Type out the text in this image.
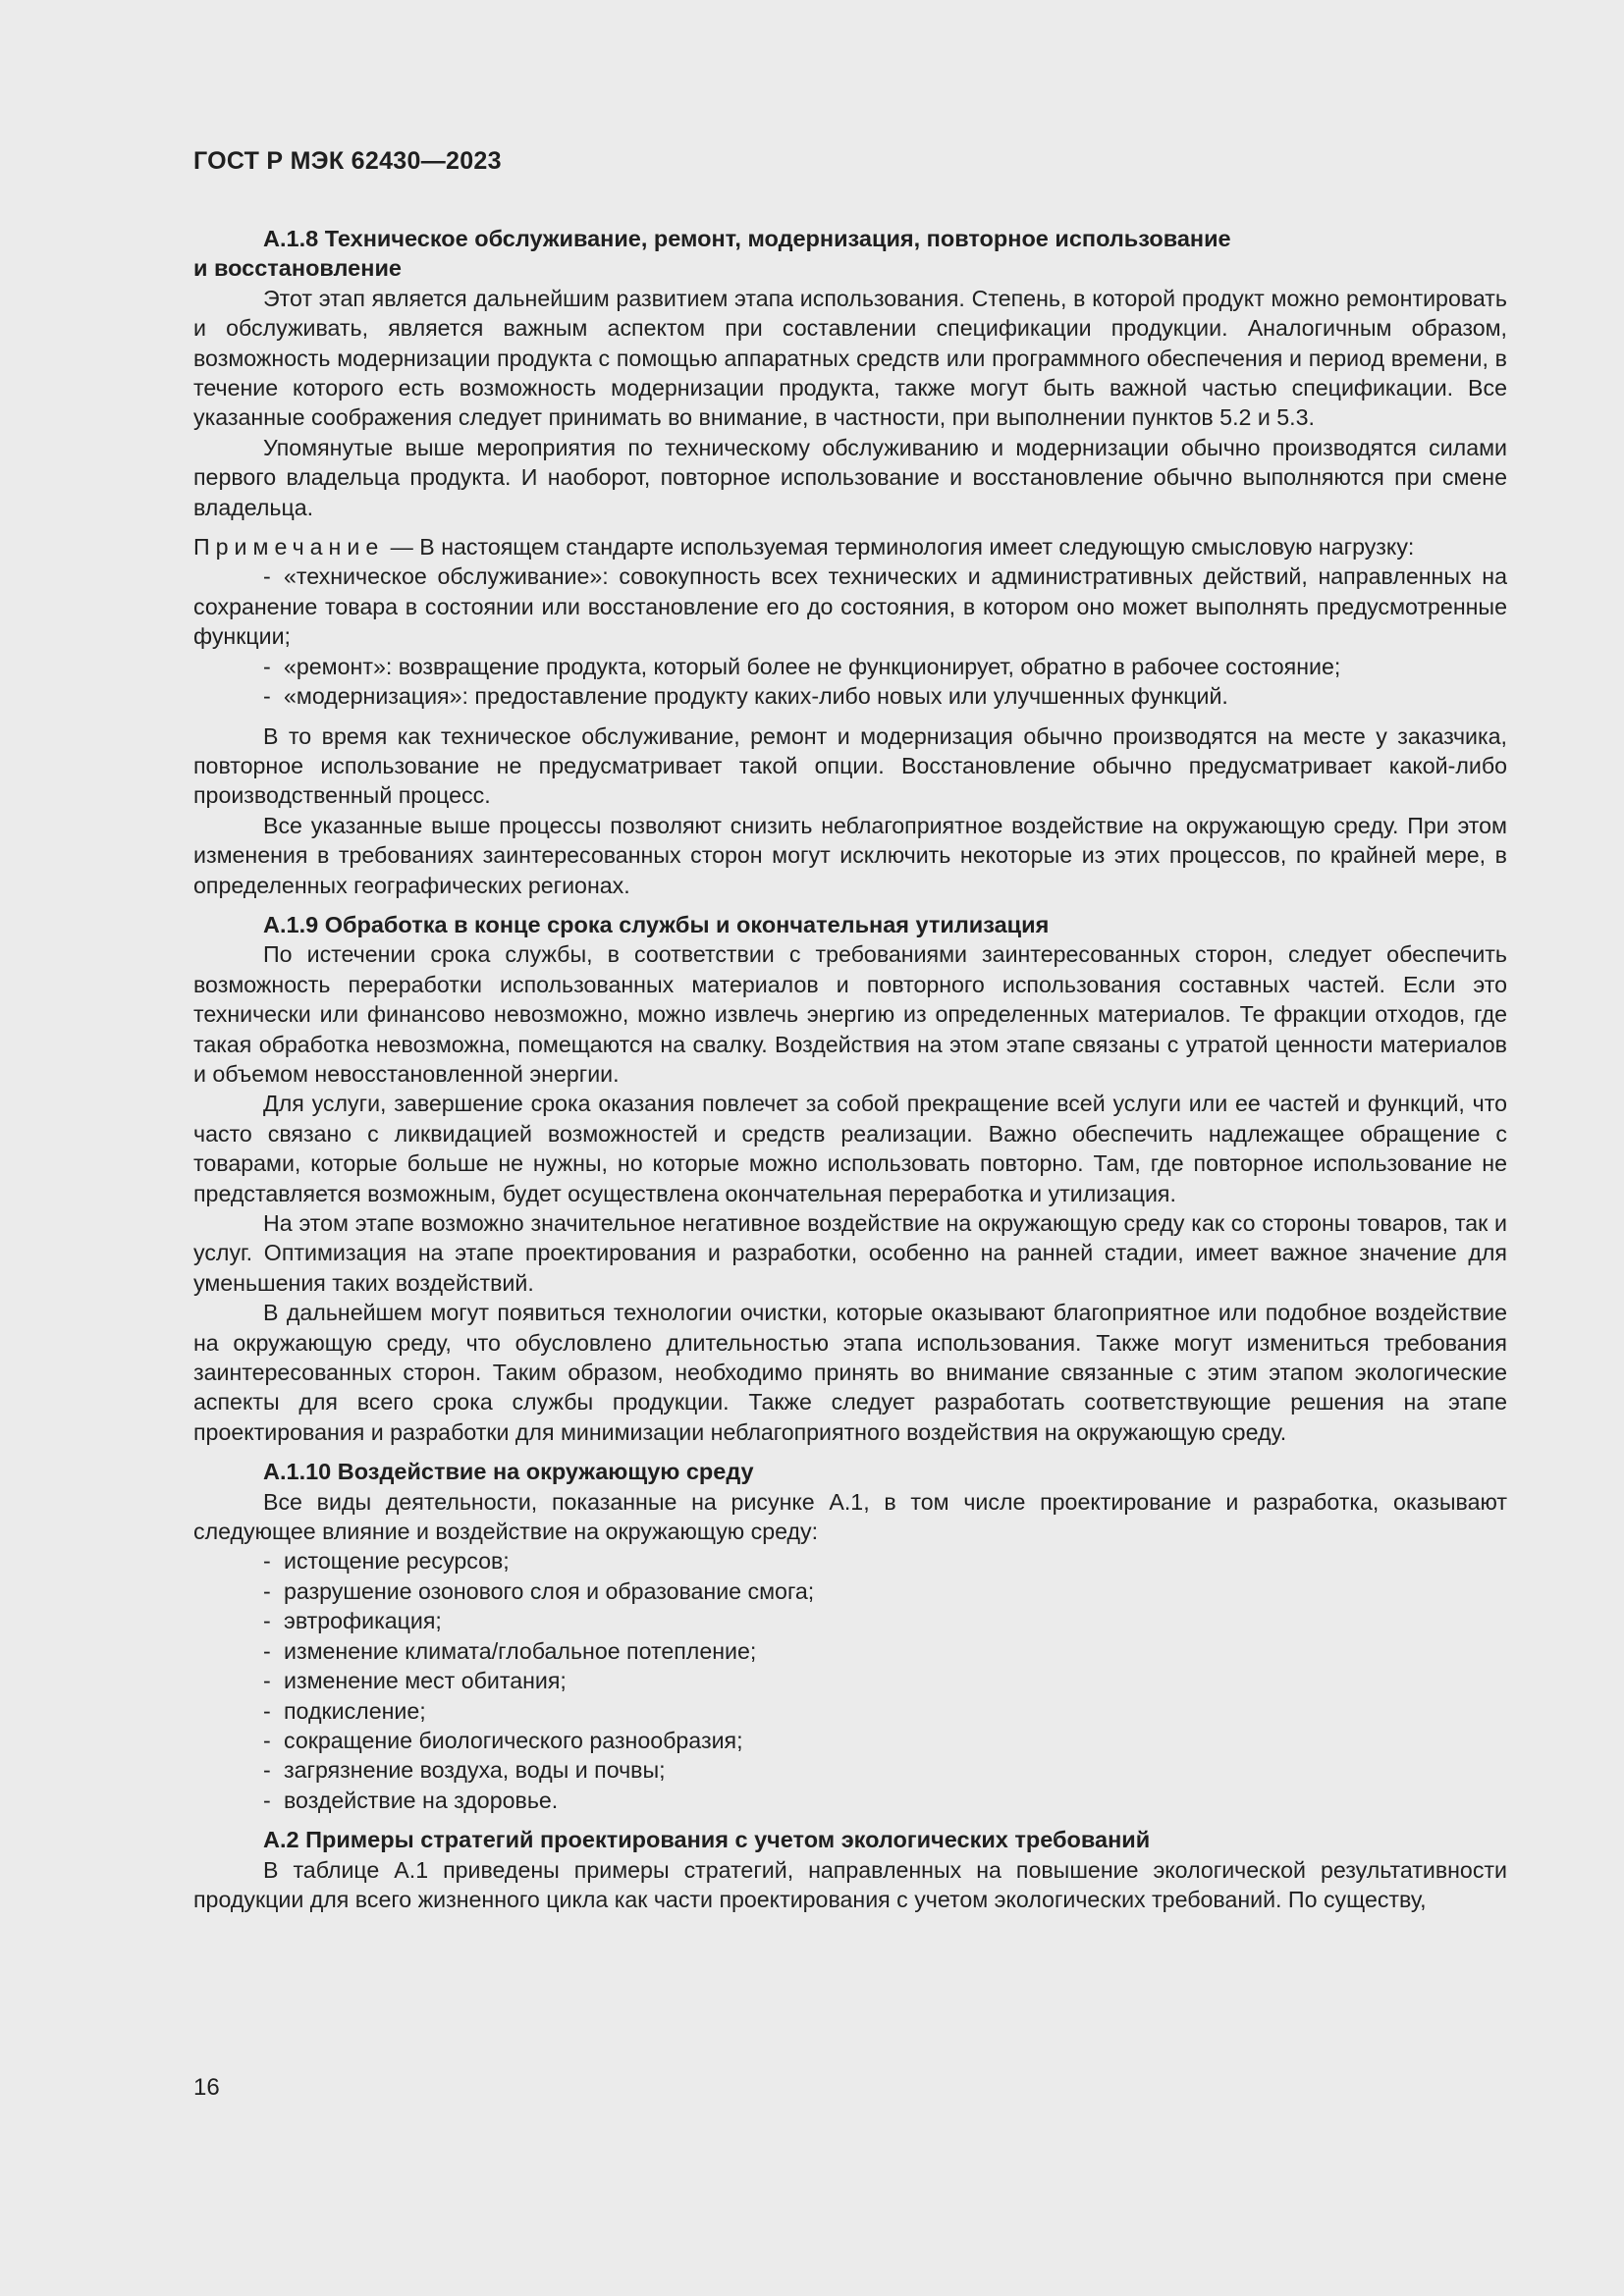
ГОСТ Р МЭК 62430—2023
А.1.8 Техническое обслуживание, ремонт, модернизация, повторное использование
и восстановление

Этот этап является дальнейшим развитием этапа использования. Степень, в которой продукт можно ремонтировать и обслуживать, является важным аспектом при составлении спецификации продукции. Аналогичным образом, возможность модернизации продукта с помощью аппаратных средств или программного обеспечения и период времени, в течение которого есть возможность модернизации продукта, также могут быть важной частью спецификации. Все указанные соображения следует принимать во внимание, в частности, при выполнении пунктов 5.2 и 5.3.

Упомянутые выше мероприятия по техническому обслуживанию и модернизации обычно производятся силами первого владельца продукта. И наоборот, повторное использование и восстановление обычно выполняются при смене владельца.

Примечание — В настоящем стандарте используемая терминология имеет следующую смысловую нагрузку:

- «техническое обслуживание»: совокупность всех технических и административных действий, направленных на сохранение товара в состоянии или восстановление его до состояния, в котором оно может выполнять предусмотренные функции;

- «ремонт»: возвращение продукта, который более не функционирует, обратно в рабочее состояние;

- «модернизация»: предоставление продукту каких-либо новых или улучшенных функций.

В то время как техническое обслуживание, ремонт и модернизация обычно производятся на месте у заказчика, повторное использование не предусматривает такой опции. Восстановление обычно предусматривает какой-либо производственный процесс.

Все указанные выше процессы позволяют снизить неблагоприятное воздействие на окружающую среду. При этом изменения в требованиях заинтересованных сторон могут исключить некоторые из этих процессов, по крайней мере, в определенных географических регионах.

А.1.9 Обработка в конце срока службы и окончательная утилизация

По истечении срока службы, в соответствии с требованиями заинтересованных сторон, следует обеспечить возможность переработки использованных материалов и повторного использования составных частей. Если это технически или финансово невозможно, можно извлечь энергию из определенных материалов. Те фракции отходов, где такая обработка невозможна, помещаются на свалку. Воздействия на этом этапе связаны с утратой ценности материалов и объемом невосстановленной энергии.

Для услуги, завершение срока оказания повлечет за собой прекращение всей услуги или ее частей и функций, что часто связано с ликвидацией возможностей и средств реализации. Важно обеспечить надлежащее обращение с товарами, которые больше не нужны, но которые можно использовать повторно. Там, где повторное использование не представляется возможным, будет осуществлена окончательная переработка и утилизация.

На этом этапе возможно значительное негативное воздействие на окружающую среду как со стороны товаров, так и услуг. Оптимизация на этапе проектирования и разработки, особенно на ранней стадии, имеет важное значение для уменьшения таких воздействий.

В дальнейшем могут появиться технологии очистки, которые оказывают благоприятное или подобное воздействие на окружающую среду, что обусловлено длительностью этапа использования. Также могут измениться требования заинтересованных сторон. Таким образом, необходимо принять во внимание связанные с этим этапом экологические аспекты для всего срока службы продукции. Также следует разработать соответствующие решения на этапе проектирования и разработки для минимизации неблагоприятного воздействия на окружающую среду.

А.1.10 Воздействие на окружающую среду

Все виды деятельности, показанные на рисунке А.1, в том числе проектирование и разработка, оказывают следующее влияние и воздействие на окружающую среду:

- истощение ресурсов;

- разрушение озонового слоя и образование смога;

- эвтрофикация;

- изменение климата/глобальное потепление;

- изменение мест обитания;

- подкисление;

- сокращение биологического разнообразия;

- загрязнение воздуха, воды и почвы;

- воздействие на здоровье.

А.2 Примеры стратегий проектирования с учетом экологических требований

В таблице А.1 приведены примеры стратегий, направленных на повышение экологической результативности продукции для всего жизненного цикла как части проектирования с учетом экологических требований. По существу,

16
